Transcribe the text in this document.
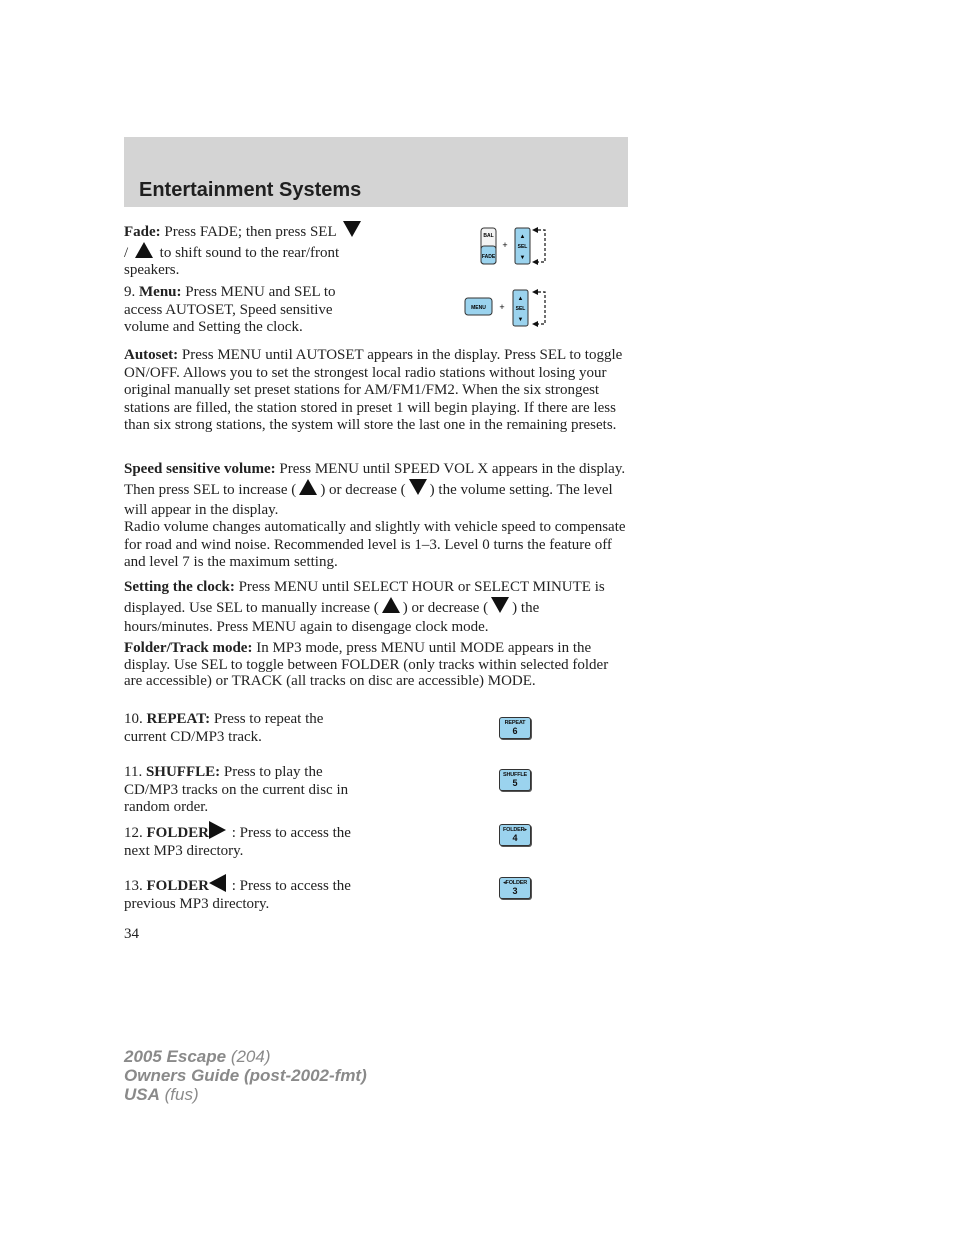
Entertainment Systems

Fade: Press FADE; then press SEL  /  to shift sound to the rear/front speakers.

BAL
FADE
+
▲
SEL
▼

9. Menu: Press MENU and SEL to access AUTOSET, Speed sensitive volume and Setting the clock.

MENU +
▲
SEL
▼

Autoset: Press MENU until AUTOSET appears in the display. Press SEL to toggle ON/OFF. Allows you to set the strongest local radio stations without losing your original manually set preset stations for AM/FM1/FM2. When the six strongest stations are filled, the station stored in preset 1 will begin playing. If there are less than six strong stations, the system will store the last one in the remaining presets.

Speed sensitive volume: Press MENU until SPEED VOL X appears in the display. Then press SEL to increase ( ) or decrease ( ) the volume setting. The level will appear in the display.

Radio volume changes automatically and slightly with vehicle speed to compensate for road and wind noise. Recommended level is 1–3. Level 0 turns the feature off and level 7 is the maximum setting.

Setting the clock: Press MENU until SELECT HOUR or SELECT MINUTE is displayed. Use SEL to manually increase ( ) or decrease ( ) the hours/minutes. Press MENU again to disengage clock mode.

Folder/Track mode: In MP3 mode, press MENU until MODE appears in the display. Use SEL to toggle between FOLDER (only tracks within selected folder are accessible) or TRACK (all tracks on disc are accessible) MODE.

10. REPEAT: Press to repeat the current CD/MP3 track.

REPEAT
6

11. SHUFFLE: Press to play the CD/MP3 tracks on the current disc in random order.

SHUFFLE
5

12. FOLDER : Press to access the next MP3 directory.

FOLDER▸
4

13. FOLDER : Press to access the previous MP3 directory.

◂FOLDER
3
34
2005 Escape (204)
Owners Guide (post-2002-fmt)
USA (fus)
